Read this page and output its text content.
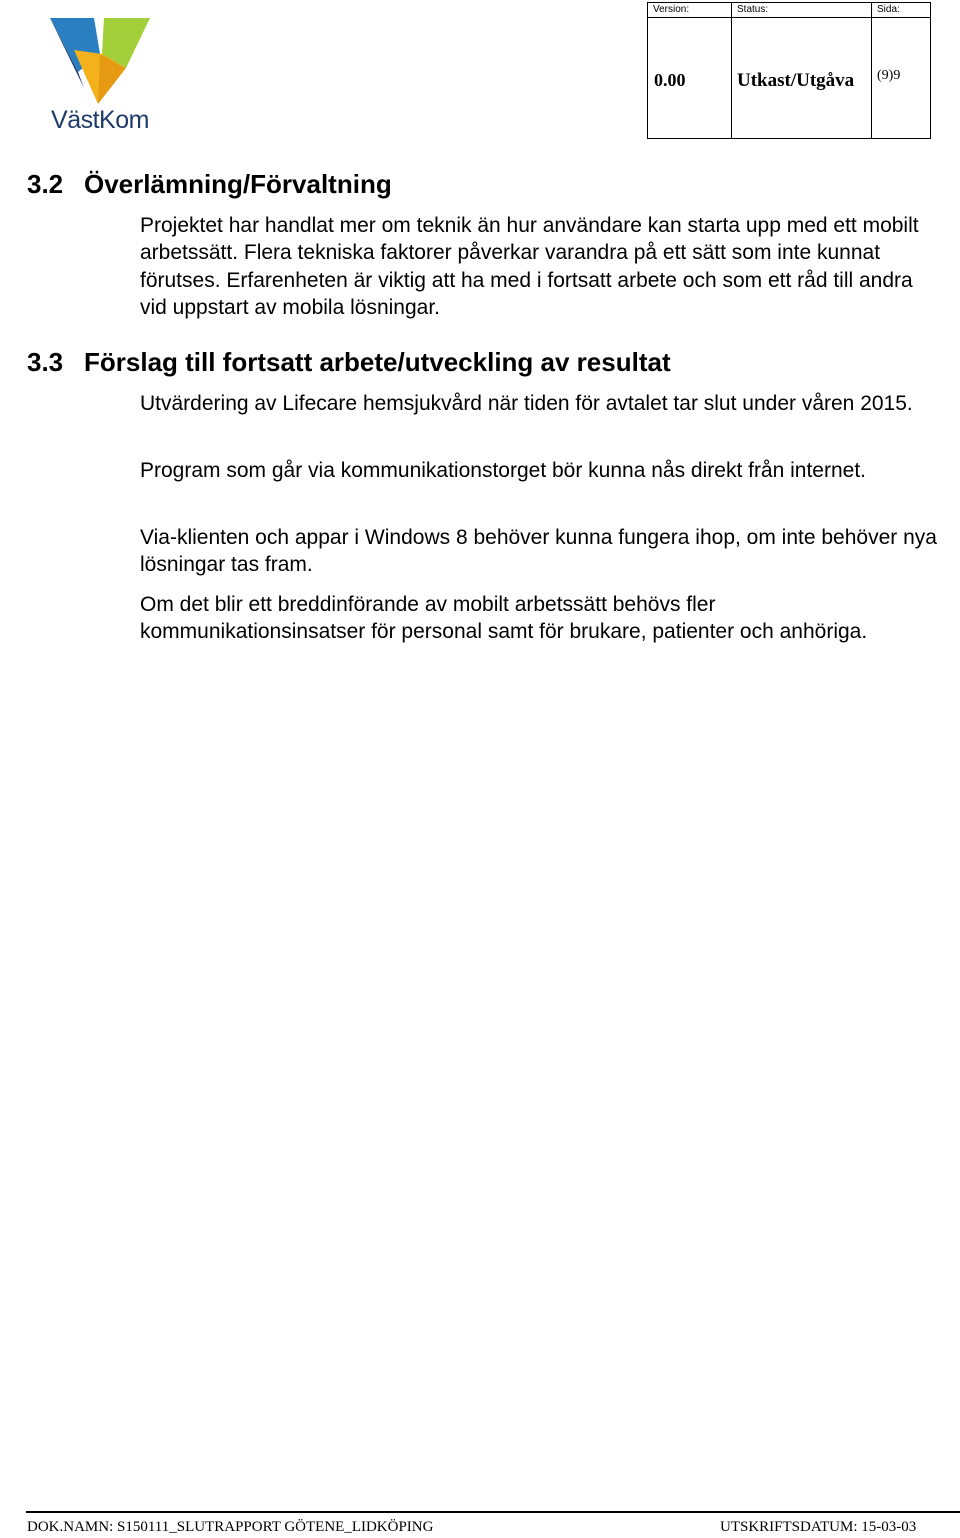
VästKom
Version:	Status:	Sida:
0.00	Utkast/Utgåva	(9)9
3.2 Överlämning/Förvaltning

Projektet har handlat mer om teknik än hur användare kan starta upp med ett mobilt arbetssätt. Flera tekniska faktorer påverkar varandra på ett sätt som inte kunnat förutses. Erfarenheten är viktig att ha med i fortsatt arbete och som ett råd till andra vid uppstart av mobila lösningar.

3.3 Förslag till fortsatt arbete/utveckling av resultat

Utvärdering av Lifecare hemsjukvård när tiden för avtalet tar slut under våren 2015.

Program som går via kommunikationstorget bör kunna nås direkt från internet.

Via-klienten och appar i Windows 8 behöver kunna fungera ihop, om inte behöver nya lösningar tas fram.

Om det blir ett breddinförande av mobilt arbetssätt behövs fler kommunikationsinsatser för personal samt för brukare, patienter och anhöriga.

DOK.NAMN: S150111_SLUTRAPPORT GÖTENE_LIDKÖPING	UTSKRIFTSDATUM: 15-03-03
